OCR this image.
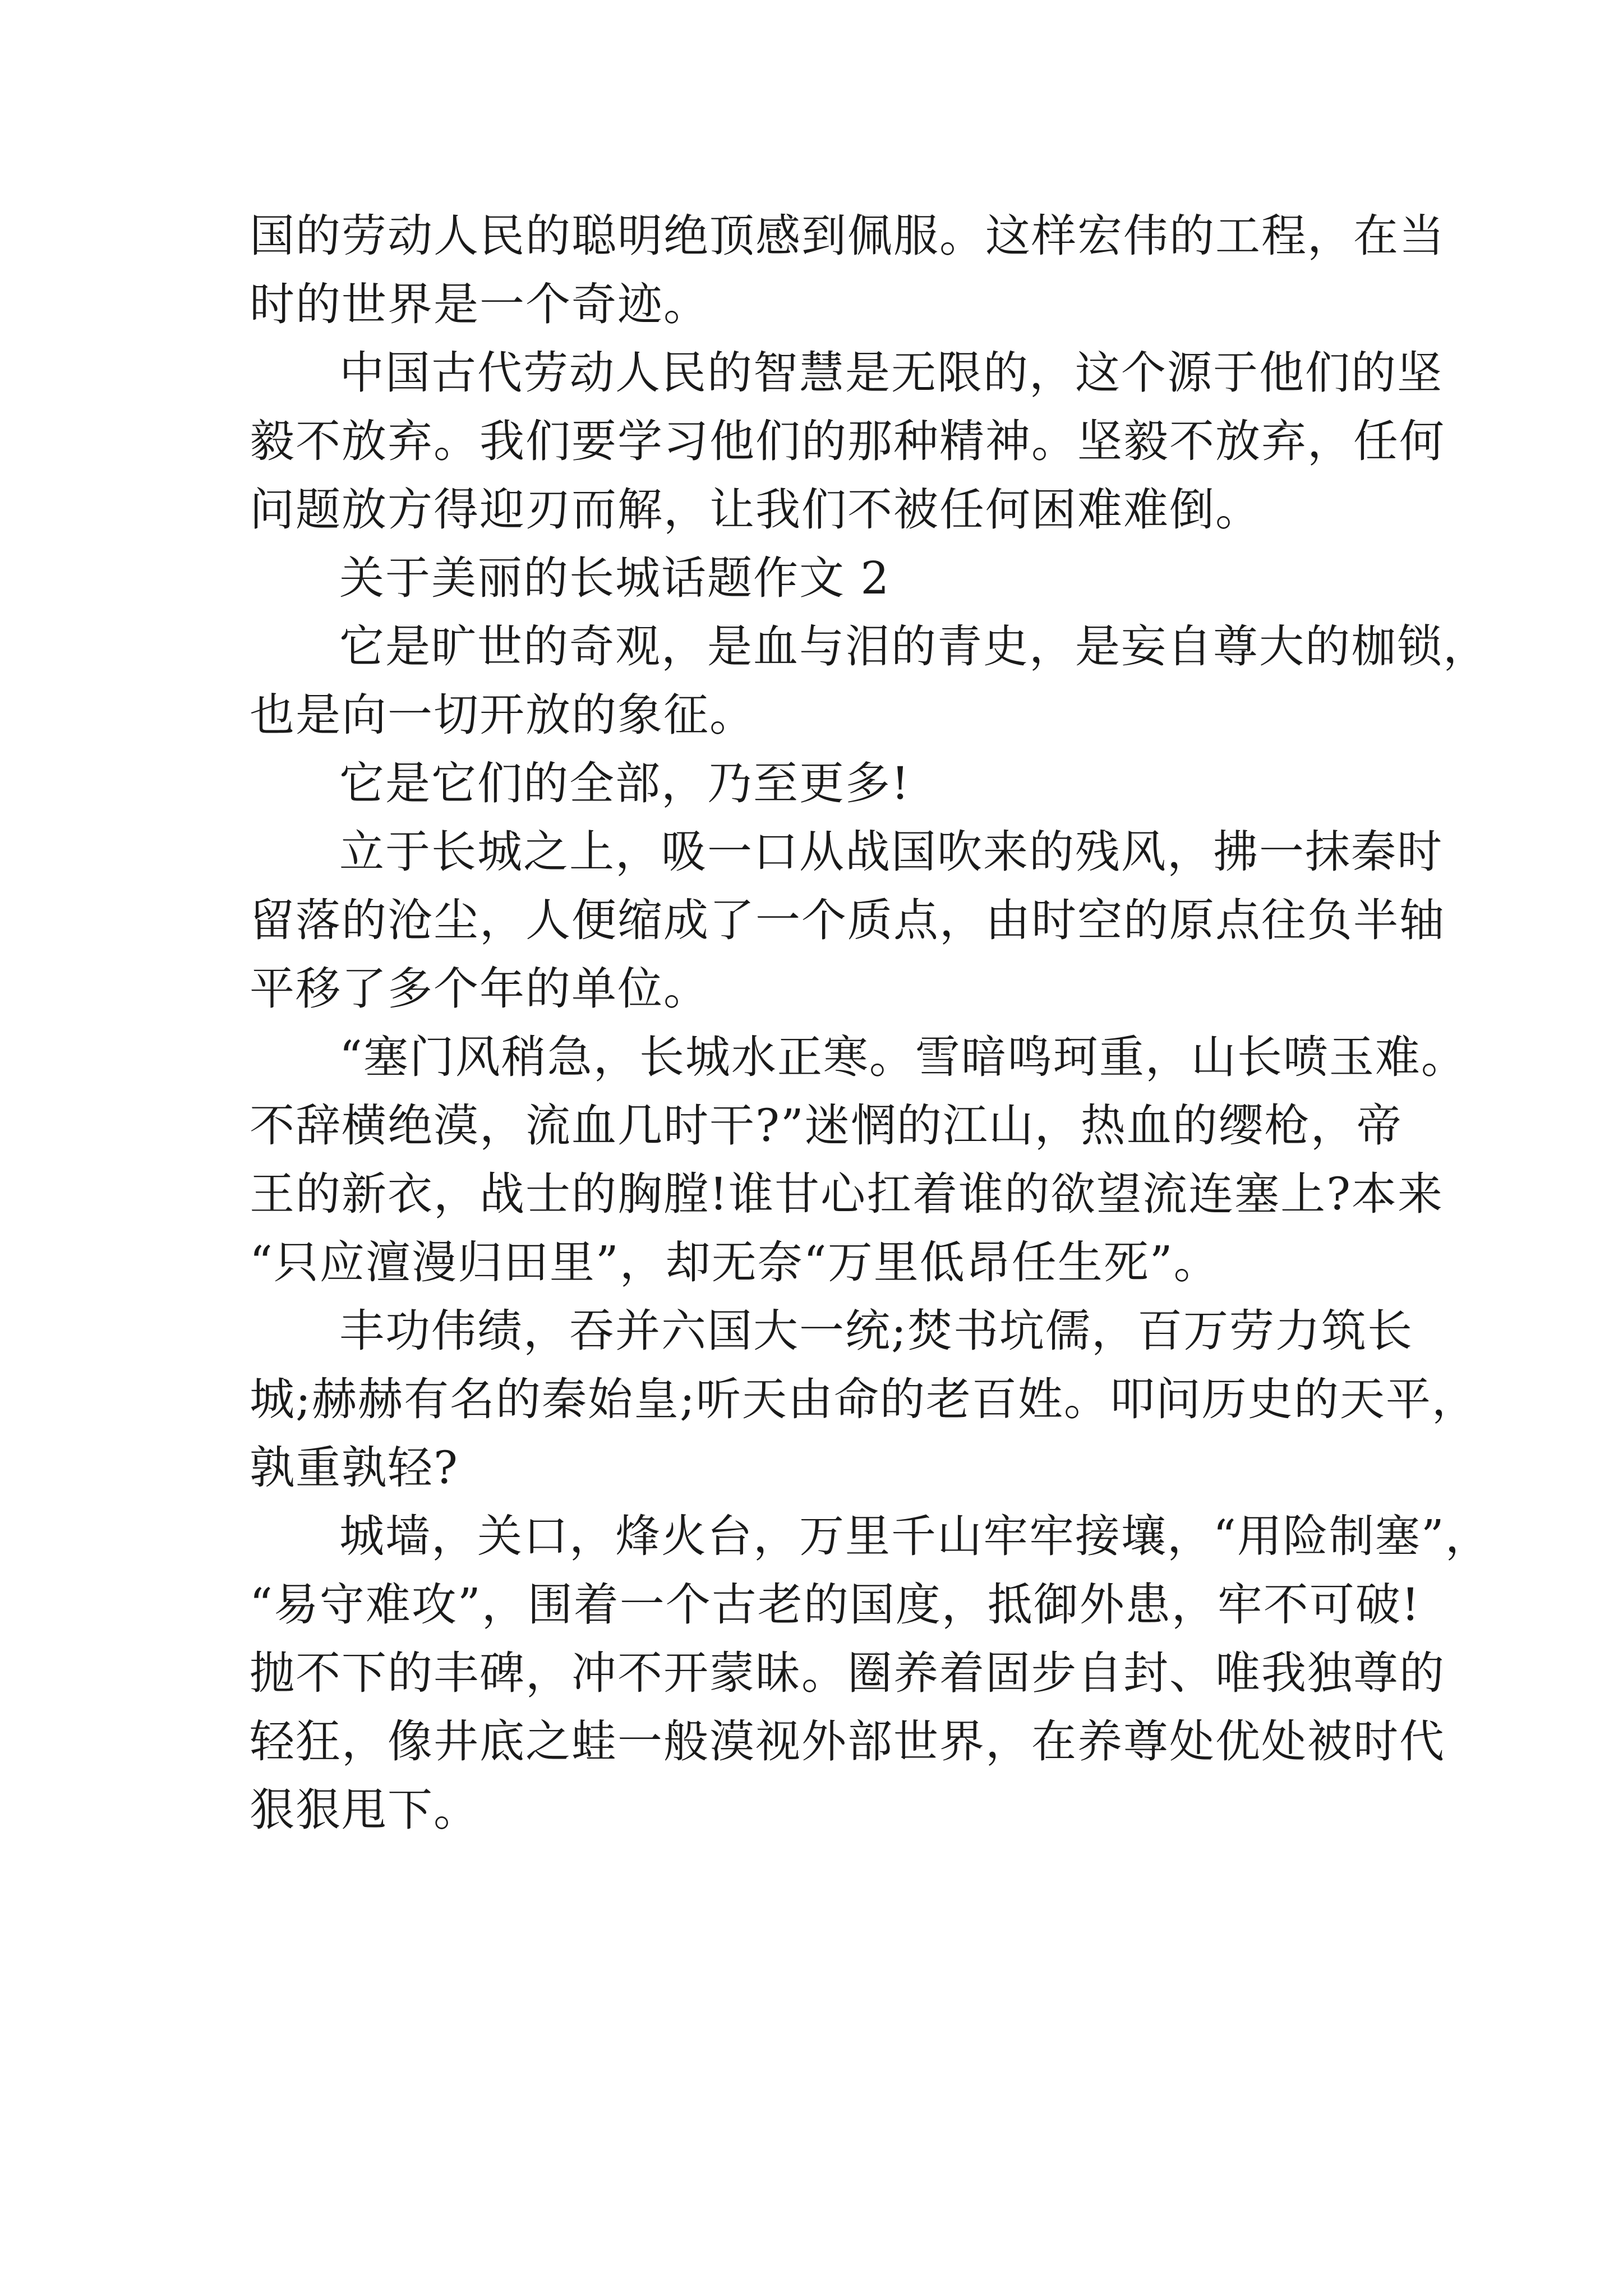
国的劳动人民的聪明绝顶感到佩服。这样宏伟的工程，在当
时的世界是一个奇迹。
中国古代劳动人民的智慧是无限的，这个源于他们的坚
毅不放弃。我们要学习他们的那种精神。坚毅不放弃，任何
问题放方得迎刃而解，让我们不被任何困难难倒。
关于美丽的长城话题作文 2
它是旷世的奇观，是血与泪的青史，是妄自尊大的枷锁，
也是向一切开放的象征。
它是它们的全部，乃至更多!
立于长城之上，吸一口从战国吹来的残风，拂一抹秦时
留落的沧尘，人便缩成了一个质点，由时空的原点往负半轴
平移了多个年的单位。
“塞门风稍急，长城水正寒。雪暗鸣珂重，山长喷玉难。
不辞横绝漠，流血几时干?”迷惘的江山，热血的缨枪，帝
王的新衣，战士的胸膛!谁甘心扛着谁的欲望流连塞上?本来
“只应澶漫归田里”，却无奈“万里低昂任生死”。
丰功伟绩，吞并六国大一统;焚书坑儒，百万劳力筑长
城;赫赫有名的秦始皇;听天由命的老百姓。叩问历史的天平，
孰重孰轻?
城墙，关口，烽火台，万里千山牢牢接壤，“用险制塞”，
“易守难攻”，围着一个古老的国度，抵御外患，牢不可破!
抛不下的丰碑，冲不开蒙昧。圈养着固步自封、唯我独尊的
轻狂，像井底之蛙一般漠视外部世界，在养尊处优处被时代
狠狠甩下。
